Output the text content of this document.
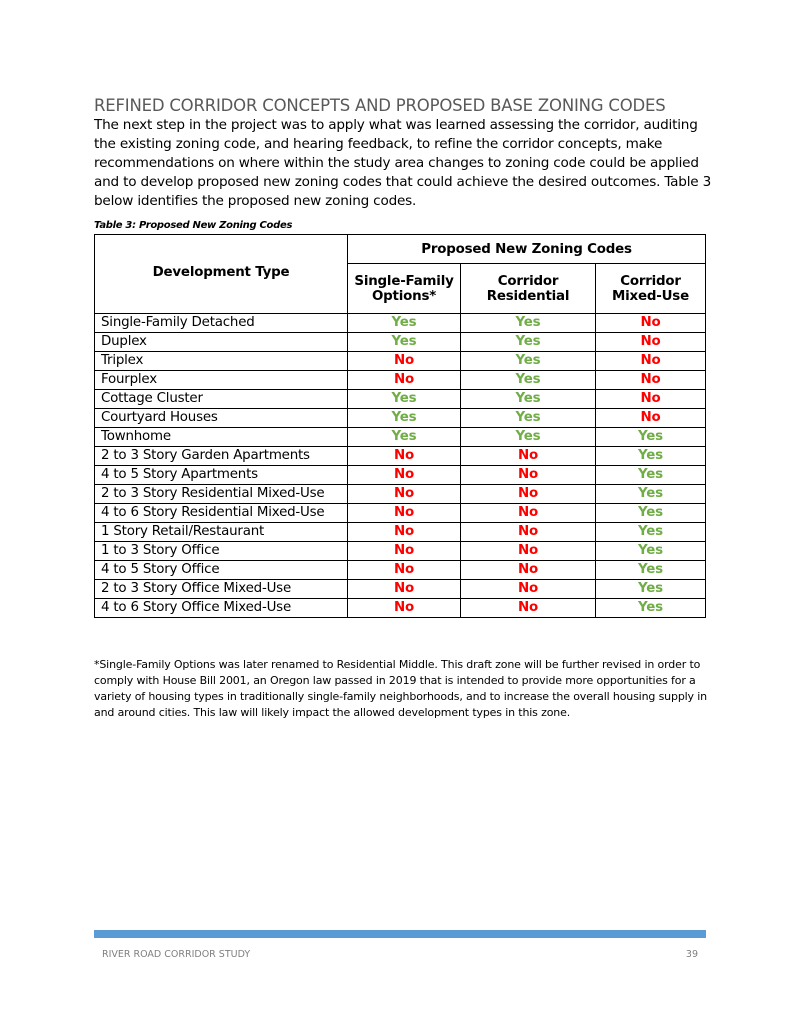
REFINED CORRIDOR CONCEPTS AND PROPOSED BASE ZONING CODES
The next step in the project was to apply what was learned assessing the corridor, auditing the existing zoning code, and hearing feedback, to refine the corridor concepts, make recommendations on where within the study area changes to zoning code could be applied and to develop proposed new zoning codes that could achieve the desired outcomes. Table 3 below identifies the proposed new zoning codes.
Table 3: Proposed New Zoning Codes
Development Type	Proposed New Zoning Codes		
	Single-Family Options*	Corridor Residential	Corridor Mixed-Use
Single-Family Detached	Yes	Yes	No
Duplex	Yes	Yes	No
Triplex	No	Yes	No
Fourplex	No	Yes	No
Cottage Cluster	Yes	Yes	No
Courtyard Houses	Yes	Yes	No
Townhome	Yes	Yes	Yes
2 to 3 Story Garden Apartments	No	No	Yes
4 to 5 Story Apartments	No	No	Yes
2 to 3 Story Residential Mixed-Use	No	No	Yes
4 to 6 Story Residential Mixed-Use	No	No	Yes
1 Story Retail/Restaurant	No	No	Yes
1 to 3 Story Office	No	No	Yes
4 to 5 Story Office	No	No	Yes
2 to 3 Story Office Mixed-Use	No	No	Yes
4 to 6 Story Office Mixed-Use	No	No	Yes
*Single-Family Options was later renamed to Residential Middle. This draft zone will be further revised in order to comply with House Bill 2001, an Oregon law passed in 2019 that is intended to provide more opportunities for a variety of housing types in traditionally single-family neighborhoods, and to increase the overall housing supply in and around cities. This law will likely impact the allowed development types in this zone.
RIVER ROAD CORRIDOR STUDY	39
